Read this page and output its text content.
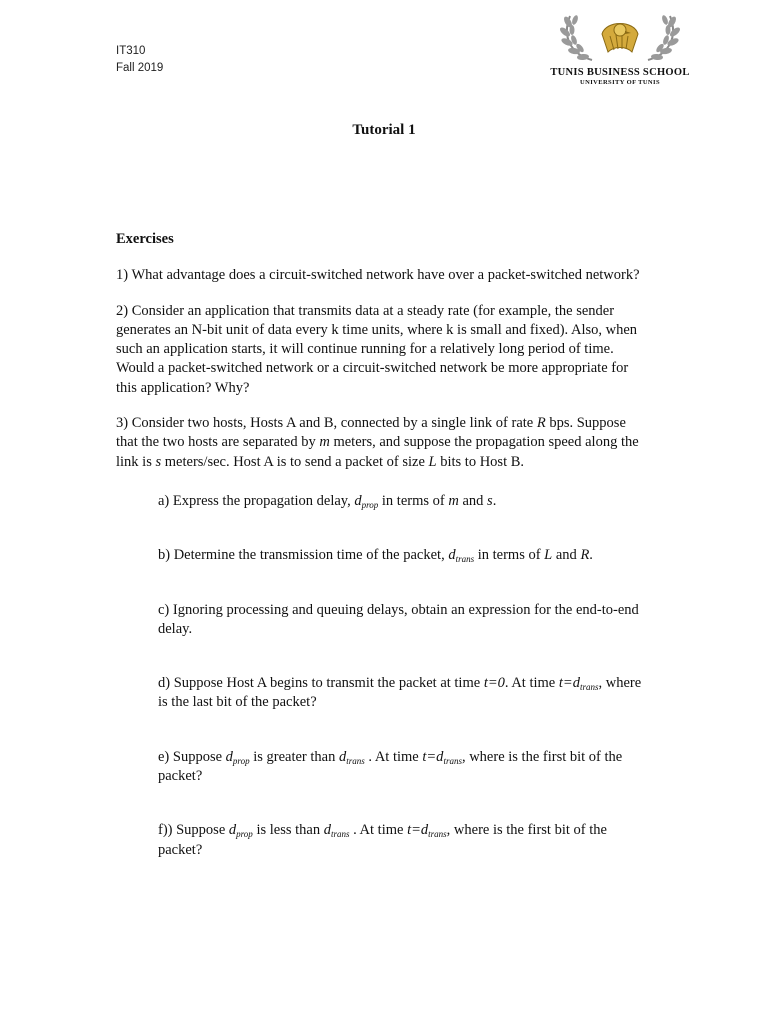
IT310
Fall 2019	TUNIS BUSINESS SCHOOL
UNIVERSITY OF TUNIS
Tutorial 1
Exercises
1) What advantage does a circuit-switched network have over a packet-switched network?
2) Consider an application that transmits data at a steady rate (for example, the sender generates an N-bit unit of data every k time units, where k is small and fixed). Also, when such an application starts, it will continue running for a relatively long period of time. Would a packet-switched network or a circuit-switched network be more appropriate for this application? Why?
3) Consider two hosts, Hosts A and B, connected by a single link of rate R bps. Suppose that the two hosts are separated by m meters, and suppose the propagation speed along the link is s meters/sec. Host A is to send a packet of size L bits to Host B.
a) Express the propagation delay, $d_{prop}$ in terms of m and s.
b) Determine the transmission time of the packet, $d_{trans}$ in terms of L and R.
c) Ignoring processing and queuing delays, obtain an expression for the end-to-end delay.
d) Suppose Host A begins to transmit the packet at time t=0. At time $t=d_{trans}$, where is the last bit of the packet?
e) Suppose $d_{prop}$ is greater than $d_{trans}$ . At time $t=d_{trans}$, where is the first bit of the packet?
f)) Suppose $d_{prop}$ is less than $d_{trans}$ . At time $t=d_{trans}$, where is the first bit of the packet?
